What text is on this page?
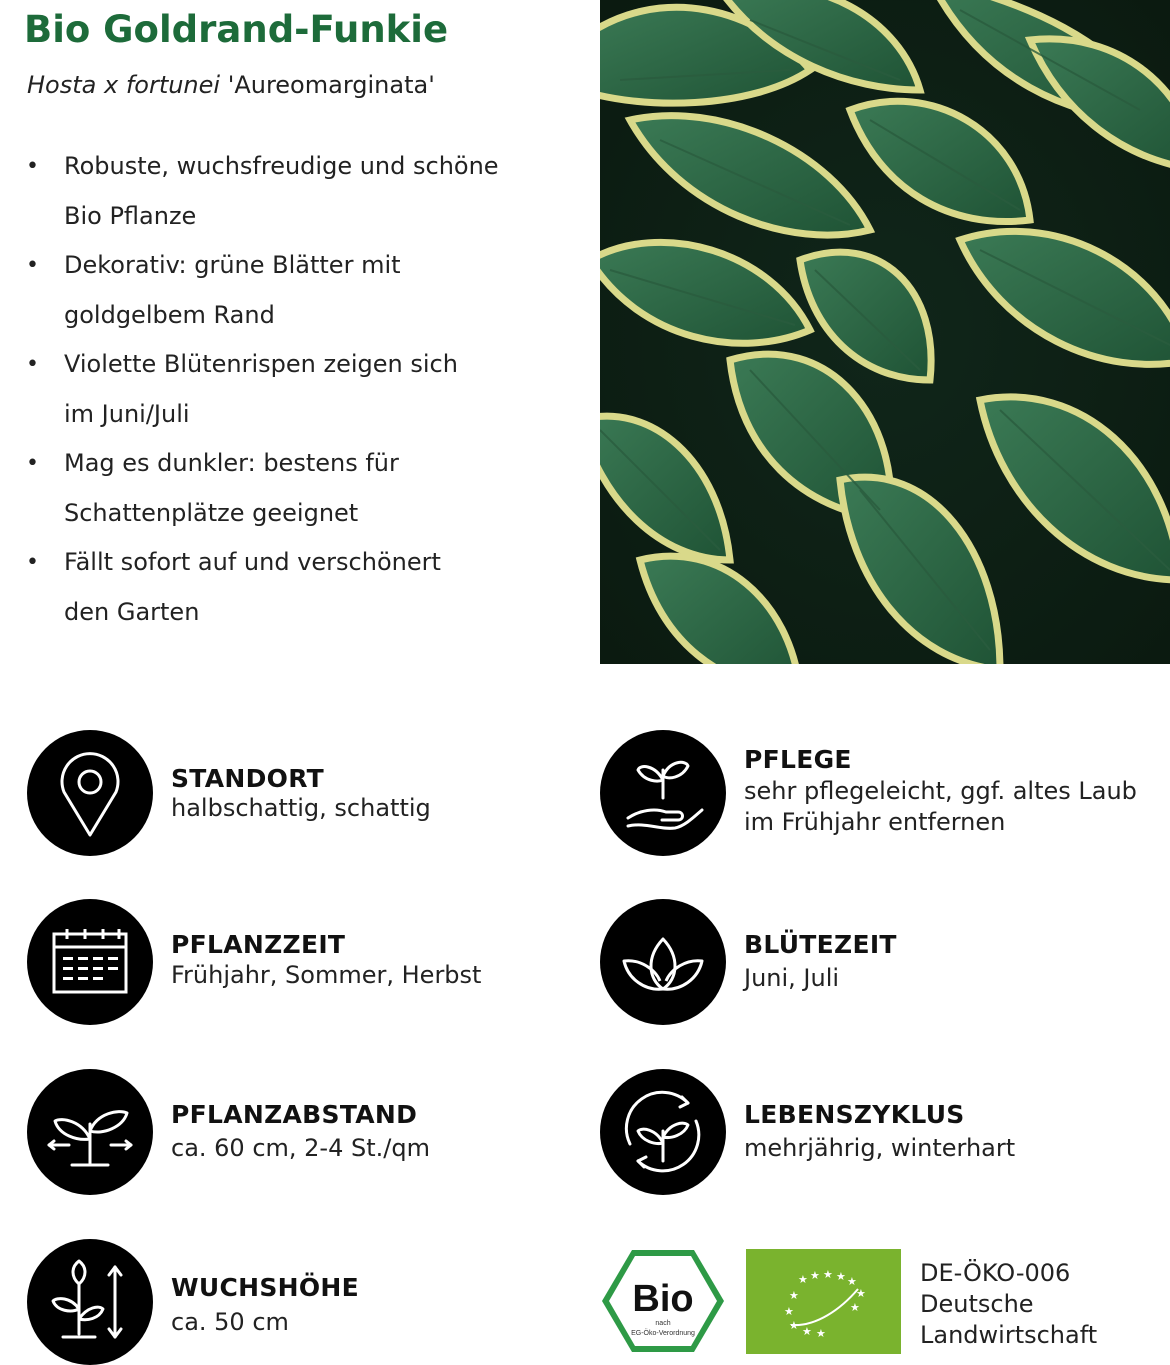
Bio Goldrand-Funkie
Hosta x fortunei 'Aureomarginata'
• Robuste, wuchsfreudige und schöne
Bio Pflanze
• Dekorativ: grüne Blätter mit
goldgelbem Rand
• Violette Blütenrispen zeigen sich
im Juni/Juli
• Mag es dunkler: bestens für
Schattenplätze geeignet
• Fällt sofort auf und verschönert
den Garten
STANDORT
halbschattig, schattig
PFLEGE
sehr pflegeleicht, ggf. altes Laub
im Frühjahr entfernen
PFLANZZEIT
Frühjahr, Sommer, Herbst
BLÜTEZEIT
Juni, Juli
PFLANZABSTAND
ca. 60 cm, 2-4 St./qm
LEBENSZYKLUS
mehrjährig, winterhart
WUCHSHÖHE
ca. 50 cm
Bio
nach
EG-Öko-Verordnung
★ ★ ★ ★ ★
★	★
★	★
★ ★ ★
DE-ÖKO-006
Deutsche
Landwirtschaft
